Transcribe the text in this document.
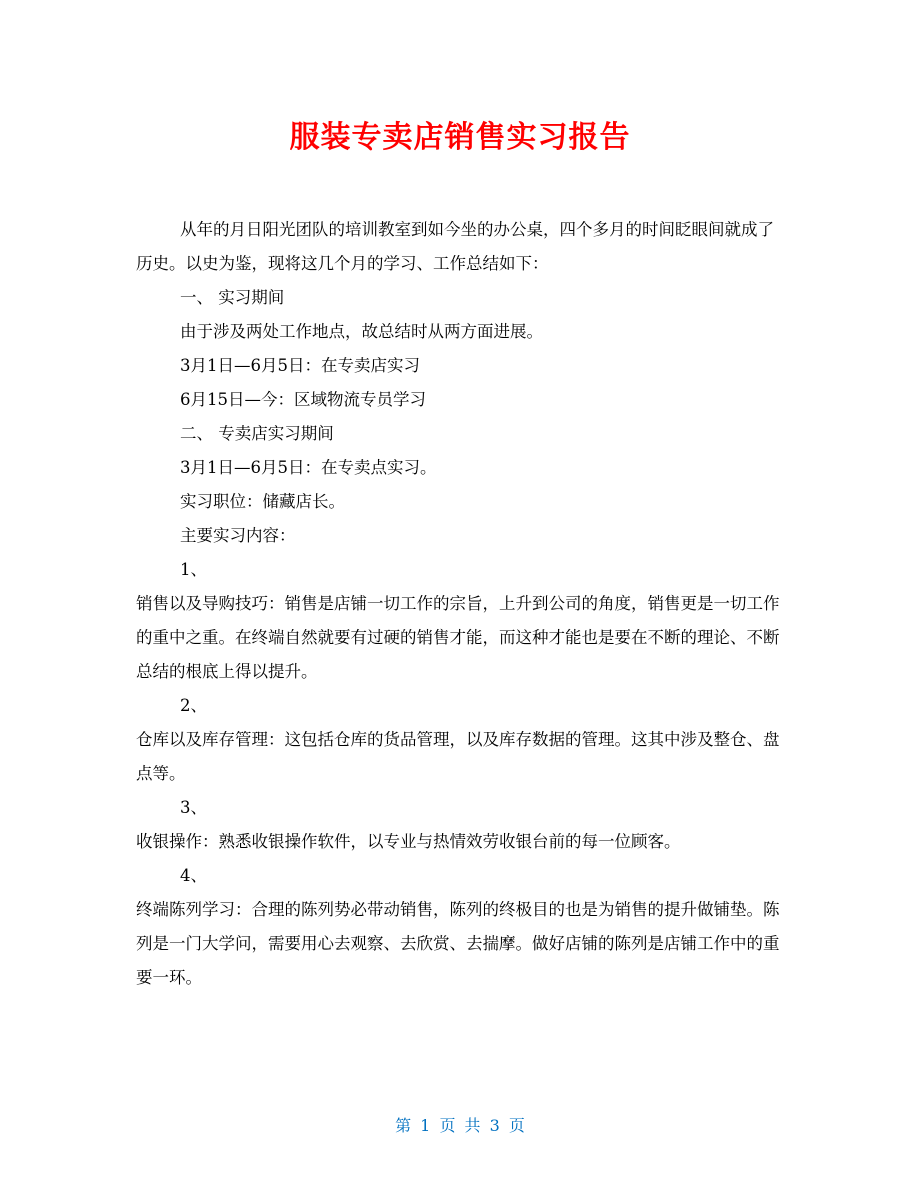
服装专卖店销售实习报告

从年的月日阳光团队的培训教室到如今坐的办公桌，四个多月的时间眨眼间就成了历史。以史为鉴，现将这几个月的学习、工作总结如下：

一、 实习期间

由于涉及两处工作地点，故总结时从两方面进展。

3月1日—6月5日：在专卖店实习

6月15日—今：区域物流专员学习

二、 专卖店实习期间

3月1日—6月5日：在专卖点实习。

实习职位：储藏店长。

主要实习内容：

1、

销售以及导购技巧：销售是店铺一切工作的宗旨，上升到公司的角度，销售更是一切工作的重中之重。在终端自然就要有过硬的销售才能，而这种才能也是要在不断的理论、不断总结的根底上得以提升。

2、

仓库以及库存管理：这包括仓库的货品管理，以及库存数据的管理。这其中涉及整仓、盘点等。

3、

收银操作：熟悉收银操作软件，以专业与热情效劳收银台前的每一位顾客。

4、

终端陈列学习：合理的陈列势必带动销售，陈列的终极目的也是为销售的提升做铺垫。陈列是一门大学问，需要用心去观察、去欣赏、去揣摩。做好店铺的陈列是店铺工作中的重要一环。

第 1 页 共 3 页
